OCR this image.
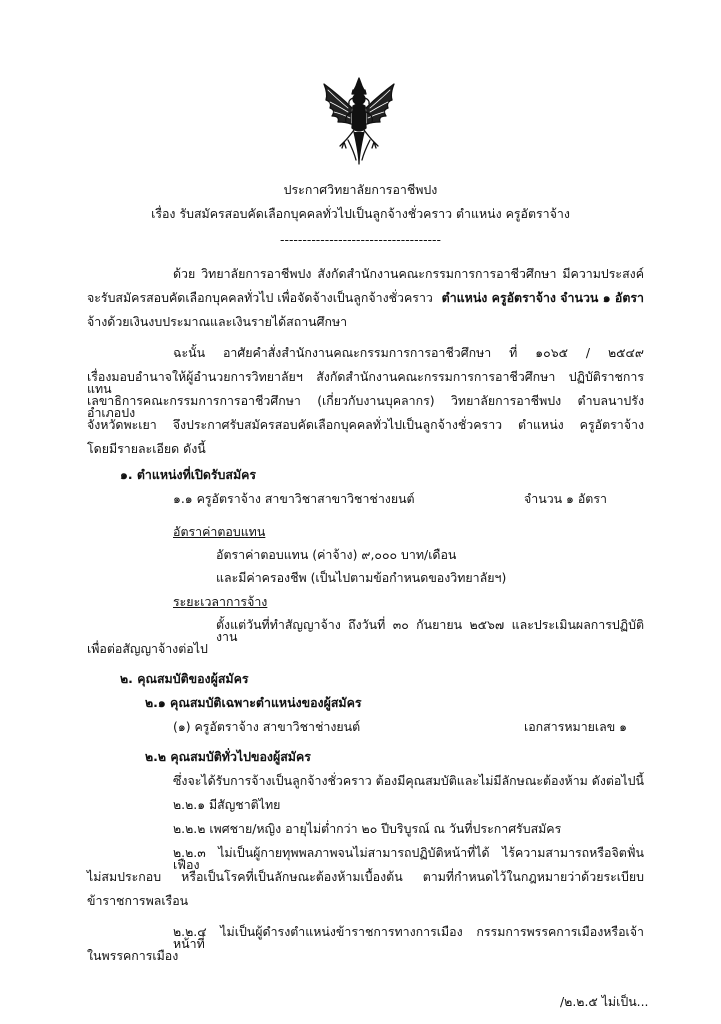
ประกาศวิทยาลัยการอาชีพปง
เรื่อง รับสมัครสอบคัดเลือกบุคคลทั่วไปเป็นลูกจ้างชั่วคราว ตำแหน่ง ครูอัตราจ้าง
------------------------------------
ด้วย วิทยาลัยการอาชีพปง สังกัดสำนักงานคณะกรรมการการอาชีวศึกษา มีความประสงค์
จะรับสมัครสอบคัดเลือกบุคคลทั่วไป เพื่อจัดจ้างเป็นลูกจ้างชั่วคราว ตำแหน่ง ครูอัตราจ้าง จำนวน ๑ อัตรา
จ้างด้วยเงินงบประมาณและเงินรายได้สถานศึกษา
ฉะนั้น อาศัยคำสั่งสำนักงานคณะกรรมการการอาชีวศึกษา ที่ ๑๐๖๕ / ๒๕๔๙
เรื่องมอบอำนาจให้ผู้อำนวยการวิทยาลัยฯ สังกัดสำนักงานคณะกรรมการการอาชีวศึกษา ปฏิบัติราชการแทน
เลขาธิการคณะกรรมการการอาชีวศึกษา (เกี่ยวกับงานบุคลากร) วิทยาลัยการอาชีพปง ตำบลนาปรัง อำเภอปง
จังหวัดพะเยา จึงประกาศรับสมัครสอบคัดเลือกบุคคลทั่วไปเป็นลูกจ้างชั่วคราว ตำแหน่ง ครูอัตราจ้าง
โดยมีรายละเอียด ดังนี้
๑. ตำแหน่งที่เปิดรับสมัคร
๑.๑ ครูอัตราจ้าง สาขาวิชาสาขาวิชาช่างยนต์	จำนวน ๑ อัตรา
อัตราค่าตอบแทน
อัตราค่าตอบแทน (ค่าจ้าง) ๙,๐๐๐ บาท/เดือน
และมีค่าครองชีพ (เป็นไปตามข้อกำหนดของวิทยาลัยฯ)
ระยะเวลาการจ้าง
ตั้งแต่วันที่ทำสัญญาจ้าง ถึงวันที่ ๓๐ กันยายน ๒๕๖๗ และประเมินผลการปฏิบัติงาน
เพื่อต่อสัญญาจ้างต่อไป
๒. คุณสมบัติของผู้สมัคร
๒.๑ คุณสมบัติเฉพาะตำแหน่งของผู้สมัคร
(๑) ครูอัตราจ้าง สาขาวิชาช่างยนต์	เอกสารหมายเลข ๑
๒.๒ คุณสมบัติทั่วไปของผู้สมัคร
ซึ่งจะได้รับการจ้างเป็นลูกจ้างชั่วคราว ต้องมีคุณสมบัติและไม่มีลักษณะต้องห้าม ดังต่อไปนี้
๒.๒.๑ มีสัญชาติไทย
๒.๒.๒ เพศชาย/หญิง อายุไม่ต่ำกว่า ๒๐ ปีบริบูรณ์ ณ วันที่ประกาศรับสมัคร
๒.๒.๓ ไม่เป็นผู้กายทุพพลภาพจนไม่สามารถปฏิบัติหน้าที่ได้ ไร้ความสามารถหรือจิตฟั่นเฟือง
ไม่สมประกอบ หรือเป็นโรคที่เป็นลักษณะต้องห้ามเบื้องต้น ตามที่กำหนดไว้ในกฎหมายว่าด้วยระเบียบ
ข้าราชการพลเรือน
๒.๒.๔ ไม่เป็นผู้ดำรงตำแหน่งข้าราชการทางการเมือง กรรมการพรรคการเมืองหรือเจ้าหน้าที่
ในพรรคการเมือง
/๒.๒.๕ ไม่เป็น...
